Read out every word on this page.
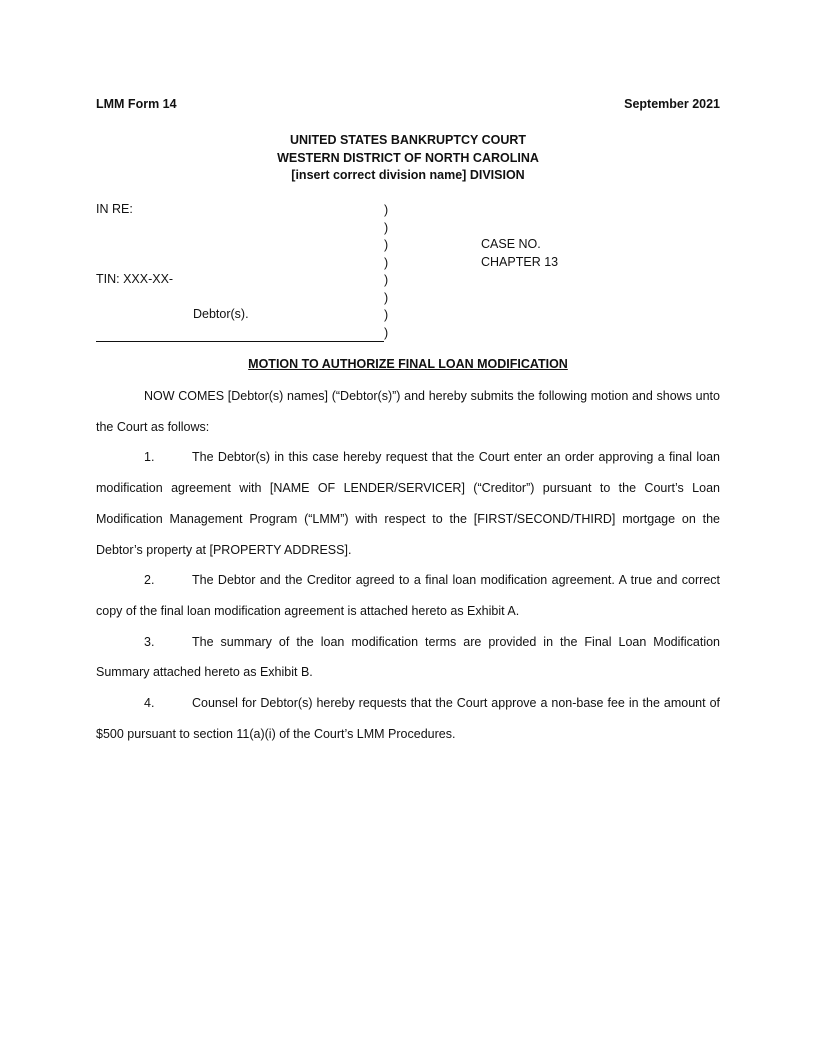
LMM Form 14	September 2021
UNITED STATES BANKRUPTCY COURT
WESTERN DISTRICT OF NORTH CAROLINA
[insert correct division name] DIVISION
IN RE:
TIN: XXX-XX-
Debtor(s).
)
)
)
)
)
)
)
)
CASE NO.
CHAPTER 13
MOTION TO AUTHORIZE FINAL LOAN MODIFICATION

NOW COMES [Debtor(s) names] (“Debtor(s)”) and hereby submits the following motion and shows unto the Court as follows:

1.	The Debtor(s) in this case hereby request that the Court enter an order approving a final loan modification agreement with [NAME OF LENDER/SERVICER] (“Creditor”) pursuant to the Court’s Loan Modification Management Program (“LMM”) with respect to the [FIRST/SECOND/THIRD] mortgage on the Debtor’s property at [PROPERTY ADDRESS].

2.	The Debtor and the Creditor agreed to a final loan modification agreement. A true and correct copy of the final loan modification agreement is attached hereto as Exhibit A.

3.	The summary of the loan modification terms are provided in the Final Loan Modification Summary attached hereto as Exhibit B.

4.	Counsel for Debtor(s) hereby requests that the Court approve a non-base fee in the amount of $500 pursuant to section 11(a)(i) of the Court’s LMM Procedures.
